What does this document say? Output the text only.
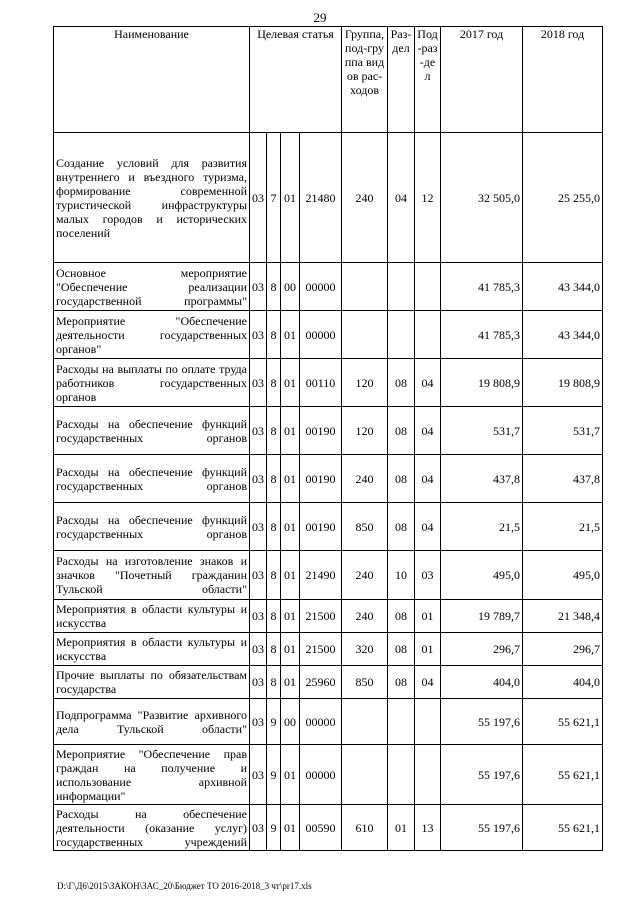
29
Наименование	Целевая статья				Группа, под-группа видов рас-ходов	Раз-дел	Под-раз-дел	2017 год	2018 год
Создание условий для развития внутреннего и въездного туризма, формирование современной туристической инфраструктуры малых городов и исторических поселений	03	7	01	21480	240	04	12	32 505,0	25 255,0
Основное мероприятие "Обеспечение реализации государственной программы"	03	8	00	00000				41 785,3	43 344,0
Мероприятие "Обеспечение деятельности государственных органов"	03	8	01	00000				41 785,3	43 344,0
Расходы на выплаты по оплате труда работников государственных органов	03	8	01	00110	120	08	04	19 808,9	19 808,9
Расходы на обеспечение функций государственных органов	03	8	01	00190	120	08	04	531,7	531,7
Расходы на обеспечение функций государственных органов	03	8	01	00190	240	08	04	437,8	437,8
Расходы на обеспечение функций государственных органов	03	8	01	00190	850	08	04	21,5	21,5
Расходы на изготовление знаков и значков "Почетный гражданин Тульской области"	03	8	01	21490	240	10	03	495,0	495,0
Мероприятия в области культуры и искусства	03	8	01	21500	240	08	01	19 789,7	21 348,4
Мероприятия в области культуры и искусства	03	8	01	21500	320	08	01	296,7	296,7
Прочие выплаты по обязательствам государства	03	8	01	25960	850	08	04	404,0	404,0
Подпрограмма "Развитие архивного дела Тульской области"	03	9	00	00000				55 197,6	55 621,1
Мероприятие "Обеспечение прав граждан на получение и использование архивной информации"	03	9	01	00000				55 197,6	55 621,1
Расходы на обеспечение деятельности (оказание услуг) государственных учреждений	03	9	01	00590	610	01	13	55 197,6	55 621,1
D:\Г\Д6\2015\ЗАКОН\ЗАС_20\Бюджет ТО 2016-2018_3 чт\pr17.xls
